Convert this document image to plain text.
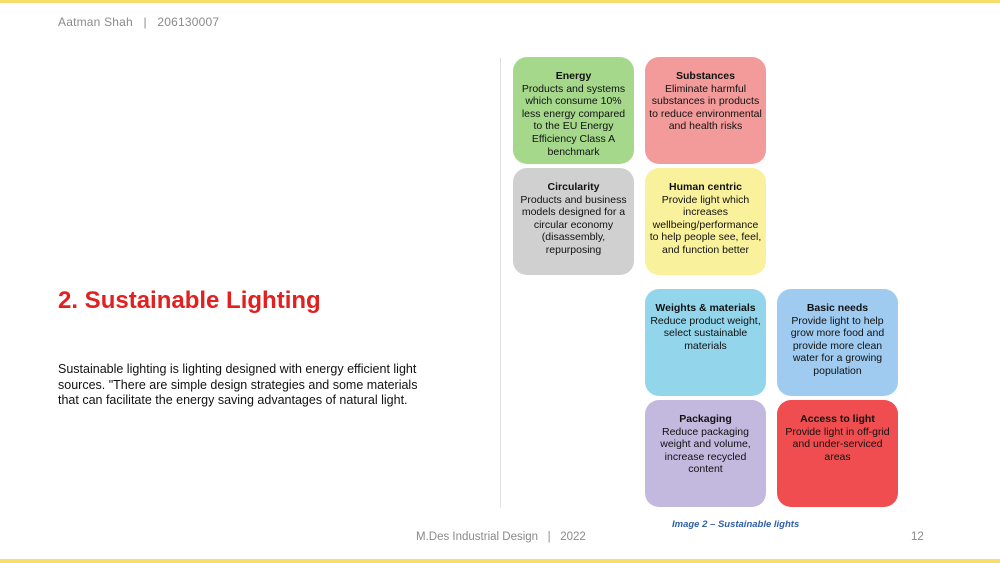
Aatman Shah   |   206130007
2. Sustainable Lighting

Sustainable lighting is lighting designed with energy efficient light sources. "There are simple design strategies and some materials that can facilitate the energy saving advantages of natural light.

Energy
Products and systems which consume 10% less energy compared to the EU Energy Efficiency Class A benchmark
Substances
Eliminate harmful substances in products to reduce environmental and health risks
Circularity
Products and business models designed for a circular economy (disassembly, repurposing
Human centric
Provide light which increases wellbeing/performance to help people see, feel, and function better
Weights & materials
Reduce product weight, select sustainable materials
Basic needs
Provide light to help grow more food and provide more clean water for a growing population
Packaging
Reduce packaging weight and volume, increase recycled content
Access to light
Provide light in off-grid and under-serviced areas
Image 2 – Sustainable lights
M.Des Industrial Design   |   2022	12
